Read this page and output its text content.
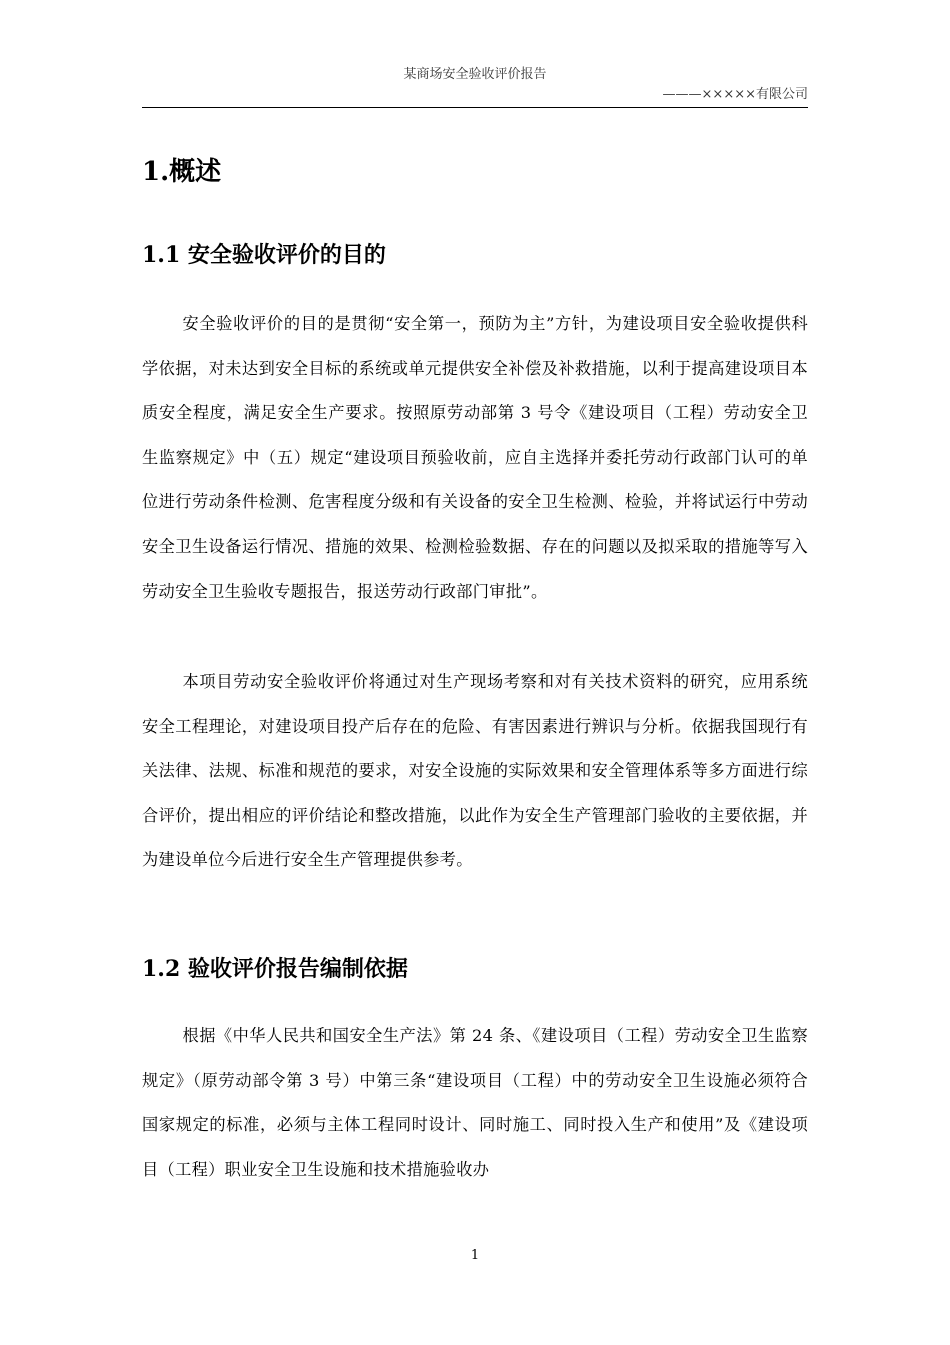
某商场安全验收评价报告
———×××××有限公司
1.概述
1.1 安全验收评价的目的

安全验收评价的目的是贯彻“安全第一，预防为主”方针，为建设项目安全验收提供科学依据，对未达到安全目标的系统或单元提供安全补偿及补救措施，以利于提高建设项目本质安全程度，满足安全生产要求。按照原劳动部第 3 号令《建设项目（工程）劳动安全卫生监察规定》中（五）规定“建设项目预验收前，应自主选择并委托劳动行政部门认可的单位进行劳动条件检测、危害程度分级和有关设备的安全卫生检测、检验，并将试运行中劳动安全卫生设备运行情况、措施的效果、检测检验数据、存在的问题以及拟采取的措施等写入劳动安全卫生验收专题报告，报送劳动行政部门审批”。

本项目劳动安全验收评价将通过对生产现场考察和对有关技术资料的研究，应用系统安全工程理论，对建设项目投产后存在的危险、有害因素进行辨识与分析。依据我国现行有关法律、法规、标准和规范的要求，对安全设施的实际效果和安全管理体系等多方面进行综合评价，提出相应的评价结论和整改措施，以此作为安全生产管理部门验收的主要依据，并为建设单位今后进行安全生产管理提供参考。

1.2 验收评价报告编制依据

根据《中华人民共和国安全生产法》第 24 条、《建设项目（工程）劳动安全卫生监察规定》（原劳动部令第 3 号）中第三条“建设项目（工程）中的劳动安全卫生设施必须符合国家规定的标准，必须与主体工程同时设计、同时施工、同时投入生产和使用”及《建设项目（工程）职业安全卫生设施和技术措施验收办

1
